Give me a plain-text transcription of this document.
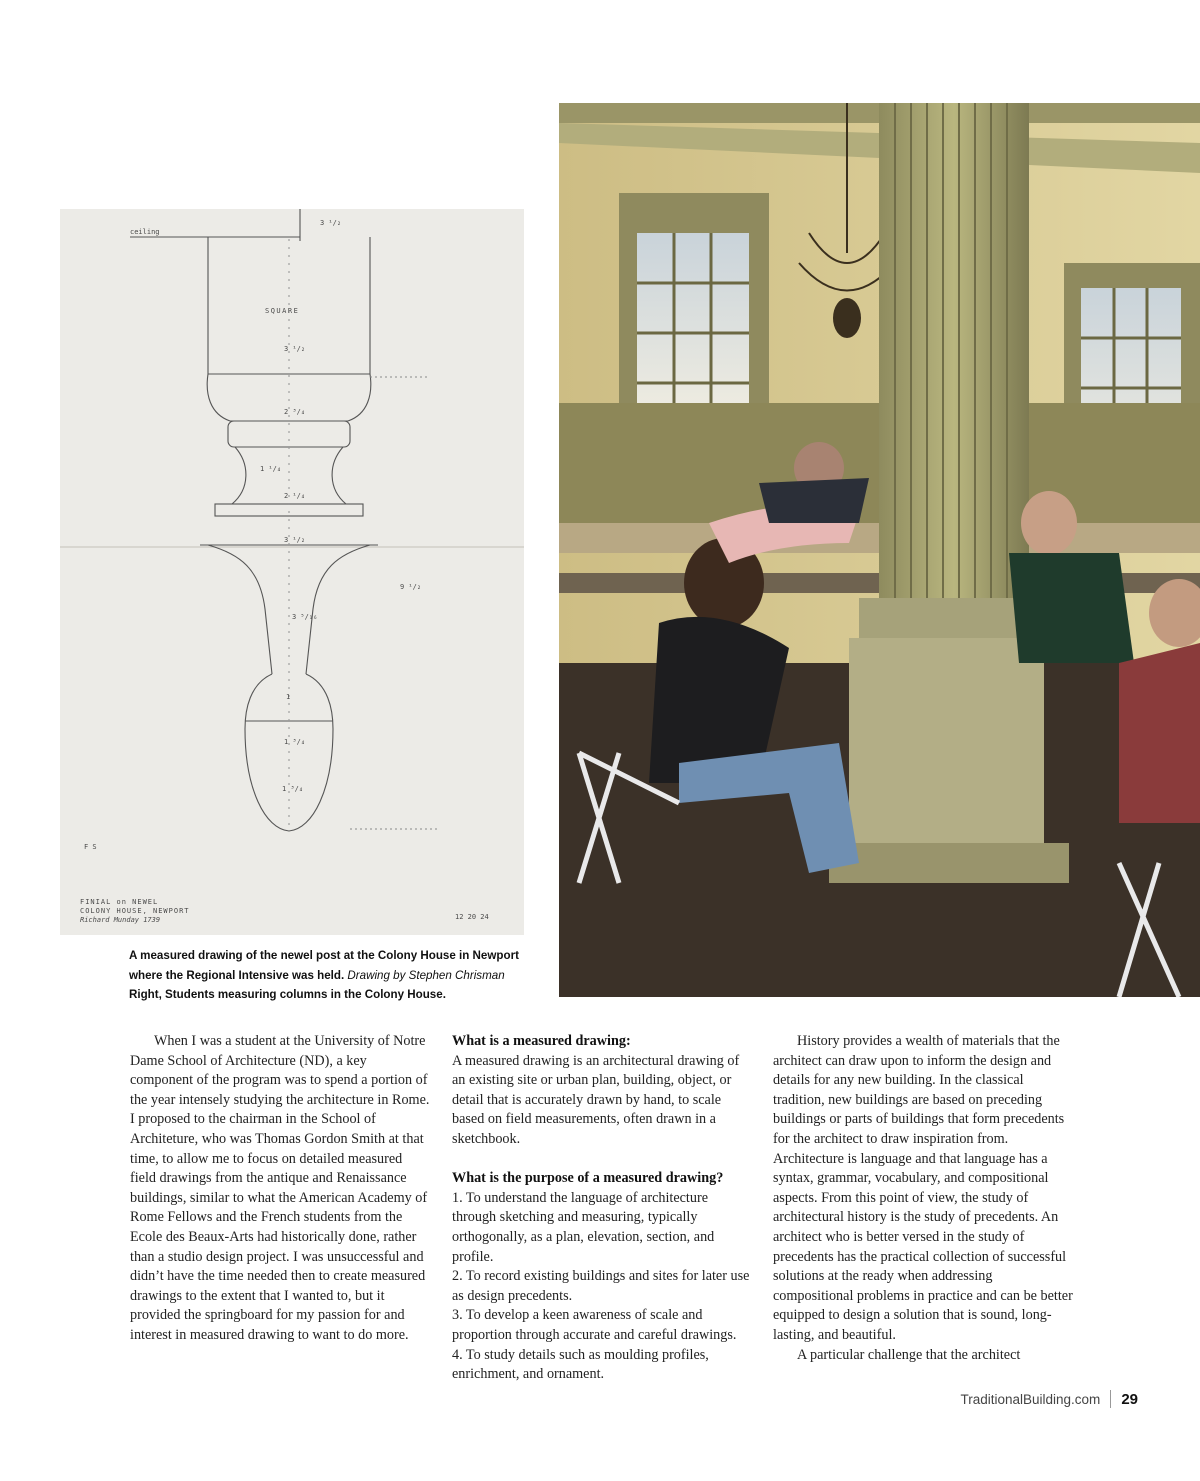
ceiling
3 ¹/₂
SQUARE
3 ¹/₂
2 ³/₄
1 ¹/₄
2 ¹/₄
3 ¹/₂
3 ⁵/₁₆
9 ¹/₂
1
1 ³/₄
1 ³/₄
F S
FINIAL on NEWEL
COLONY HOUSE, NEWPORT
Richard Munday 1739	12 20 24
A measured drawing of the newel post at the Colony House in Newport where the Regional Intensive was held. Drawing by Stephen Chrisman
Right, Students measuring columns in the Colony House.

When I was a student at the University of Notre Dame School of Architecture (ND), a key component of the program was to spend a portion of the year intensely studying the architecture in Rome. I proposed to the chairman in the School of Architeture, who was Thomas Gordon Smith at that time, to allow me to focus on detailed measured field drawings from the antique and Renaissance buildings, similar to what the American Academy of Rome Fellows and the French students from the Ecole des Beaux-Arts had historically done, rather than a studio design project. I was unsuccessful and didn’t have the time needed then to create measured drawings to the extent that I wanted to, but it provided the springboard for my passion for and interest in measured drawing to want to do more.

What is a measured drawing:

A measured drawing is an architectural drawing of an existing site or urban plan, building, object, or detail that is accurately drawn by hand, to scale based on field measurements, often drawn in a sketchbook.

What is the purpose of a measured drawing?

1. To understand the language of architecture through sketching and measuring, typically orthogonally, as a plan, elevation, section, and profile.

2. To record existing buildings and sites for later use as design precedents.

3. To develop a keen awareness of scale and proportion through accurate and careful drawings.

4. To study details such as moulding profiles, enrichment, and ornament.

History provides a wealth of materials that the architect can draw upon to inform the design and details for any new building. In the classical tradition, new buildings are based on preceding buildings or parts of buildings that form precedents for the architect to draw inspiration from. Architecture is language and that language has a syntax, grammar, vocabulary, and compositional aspects. From this point of view, the study of architectural history is the study of precedents. An architect who is better versed in the study of precedents has the practical collection of successful solutions at the ready when addressing compositional problems in practice and can be better equipped to design a solution that is sound, long-lasting, and beautiful.

A particular challenge that the architect

TraditionalBuilding.com 29
